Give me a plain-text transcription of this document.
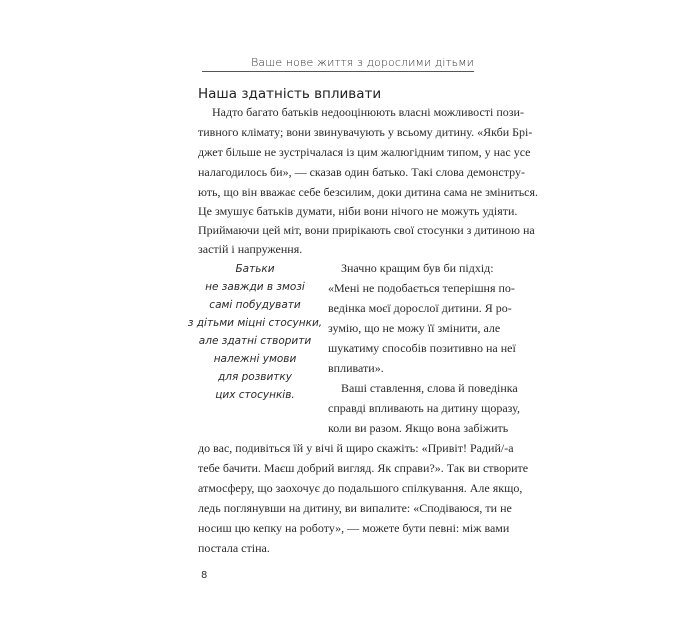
Ваше нове життя з дорослими дітьми
Наша здатність впливати
Надто багато батьків недооцінюють власні можливості пози-
тивного клімату; вони звинувачують у всьому дитину. «Якби Брі-
джет більше не зустрічалася із цим жалюгідним типом, у нас усе
налагодилось би», — сказав один батько. Такі слова демонстру-
ють, що він вважає себе безсилим, доки дитина сама не зміниться.
Це змушує батьків думати, ніби вони нічого не можуть удіяти.
Приймаючи цей міт, вони прирікають свої стосунки з дитиною на
застій і напруження.
Батьки
не завжди в змозі
самі побудувати
з дітьми міцні стосунки,
але здатні створити
належні умови
для розвитку
цих стосунків.
Значно кращим був би підхід:
«Мені не подобається теперішня по-
ведінка моєї дорослої дитини. Я ро-
зумію, що не можу її змінити, але
шукатиму способів позитивно на неї
впливати».
Ваші ставлення, слова й поведінка
справді впливають на дитину щоразу,
коли ви разом. Якщо вона забіжить
до вас, подивіться їй у вічі й щиро скажіть: «Привіт! Радий/-а
тебе бачити. Маєш добрий вигляд. Як справи?». Так ви створите
атмосферу, що заохочує до подальшого спілкування. Але якщо,
ледь поглянувши на дитину, ви випалите: «Сподіваюся, ти не
носиш цю кепку на роботу», — можете бути певні: між вами
постала стіна.
8
